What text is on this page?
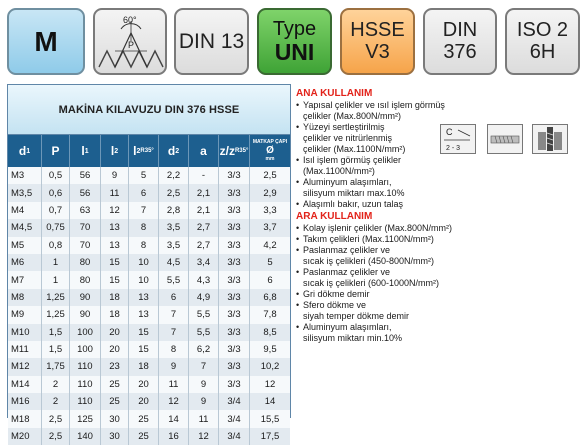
M
60°
P DIN 13
Type
UNI
HSSE
V3
DIN
376
ISO 2
6H
MAKİNA KILAVUZU DIN 376 HSSE
d 1 P l 1 l 2 l 2 R35° d 2 a z/z R35°
MATKAP ÇAPI
Ø
mm
M3	0,5	56	9	5	2,2	-	3/3	2,5
M3,5	0,6	56	11	6	2,5	2,1	3/3	2,9
M4	0,7	63	12	7	2,8	2,1	3/3	3,3
M4,5	0,75	70	13	8	3,5	2,7	3/3	3,7
M5	0,8	70	13	8	3,5	2,7	3/3	4,2
M6	1	80	15	10	4,5	3,4	3/3	5
M7	1	80	15	10	5,5	4,3	3/3	6
M8	1,25	90	18	13	6	4,9	3/3	6,8
M9	1,25	90	18	13	7	5,5	3/3	7,8
M10	1,5	100	20	15	7	5,5	3/3	8,5
M11	1,5	100	20	15	8	6,2	3/3	9,5
M12	1,75	110	23	18	9	7	3/3	10,2
M14	2	110	25	20	11	9	3/3	12
M16	2	110	25	20	12	9	3/4	14
M18	2,5	125	30	25	14	11	3/4	15,5
M20	2,5	140	30	25	16	12	3/4	17,5
C
2 - 3
ANA KULLANIM
• Yapısal çelikler ve ısıl işlem görmüş
çelikler (Max.800N/mm²)
• Yüzeyi sertleştirilmiş
çelikler ve nitrürlenmiş
çelikler (Max.1100N/mm²)
• Isıl işlem görmüş çelikler
(Max.1100N/mm²)
• Aluminyum alaşımları,
silisyum miktarı max.10%
• Alaşımlı bakır, uzun talaş
ARA KULLANIM
• Kolay işlenir çelikler (Max.800N/mm²)
• Takım çelikleri (Max.1100N/mm²)
• Paslanmaz çelikler ve
sıcak iş çelikleri (450-800N/mm²)
• Paslanmaz çelikler ve
sıcak iş çelikleri (600-1000N/mm²)
• Gri dökme demir
• Sfero dökme ve
siyah temper dökme demir
• Aluminyum alaşımları,
silisyum miktarı min.10%
